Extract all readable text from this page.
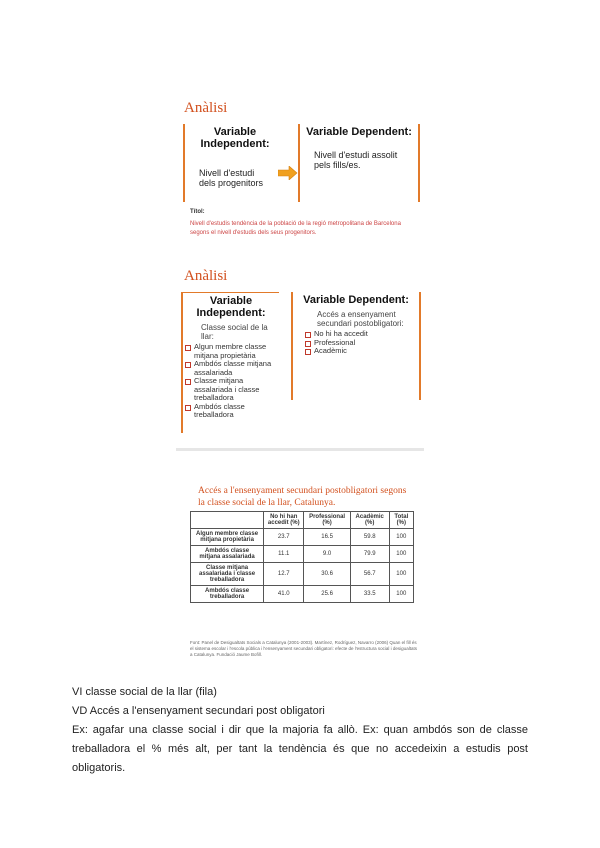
Anàlisi
Variable Independent:
Nivell d'estudi dels progenitors
Variable Dependent:
Nivell d'estudi assolit pels fills/es.
Títol:
Nivell d'estudis tendència de la població de la regió metropolitana de Barcelona segons el nivell d'estudis dels seus progenitors.
Anàlisi
Variable Independent:
Classe social de la llar:
Algun membre classe mitjana propietària
Ambdós classe mitjana assalariada
Classe mitjana assalariada i classe treballadora
Ambdós classe treballadora
Variable Dependent:
Accés a ensenyament secundari postobligatori:
No hi ha accedit
Professional
Acadèmic
Accés a l'ensenyament secundari postobligatori segons la classe social de la llar, Catalunya.
	No hi han accedit (%)	Professional (%)	Acadèmic (%)	Total (%)
Algun membre classe mitjana propietària	23.7	16.5	59.8	100
Ambdós classe mitjana assalariada	11.1	9.0	79.9	100
Classe mitjana assalariada i classe treballadora	12.7	30.6	56.7	100
Ambdós classe treballadora	41.0	25.6	33.5	100
Font: Panel de Desigualtats Socials a Catalunya (2001-2003). Martínez, Rodríguez, Navarro (2006) Quan el fill és el sistema escolar i l'escola pública i l'ensenyament secundari obligatori: efecte de l'estructura social i desigualtats a Catalunya. Fundació Jaume Bofill.
VI classe social de la llar (fila)
VD Accés a l'ensenyament secundari post obligatori
Ex: agafar una classe social i dir que la majoria fa allò. Ex: quan ambdós son de classe treballadora el % més alt, per tant la tendència és que no accedeixin a estudis post obligatoris.
